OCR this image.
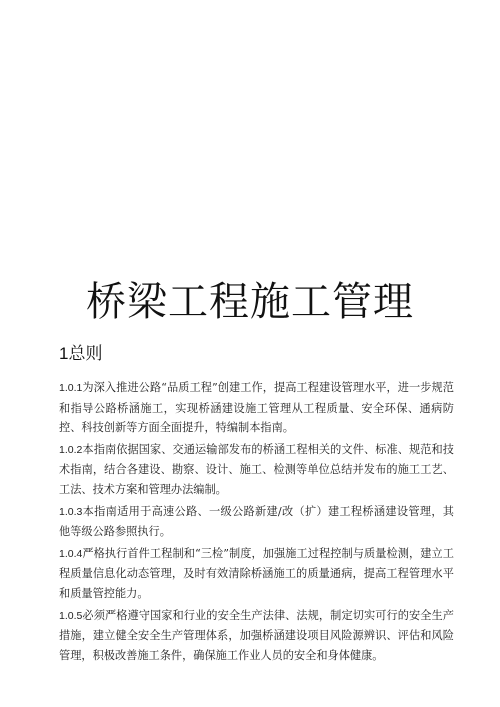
桥梁工程施工管理
1总则

1.0.1为深入推进公路“品质工程”创建工作，提高工程建设管理水平，进一步规范和指导公路桥涵施工，实现桥涵建设施工管理从工程质量、安全环保、通病防控、科技创新等方面全面提升，特编制本指南。

1.0.2本指南依据国家、交通运输部发布的桥涵工程相关的文件、标准、规范和技术指南，结合各建设、勘察、设计、施工、检测等单位总结并发布的施工工艺、工法、技术方案和管理办法编制。

1.0.3本指南适用于高速公路、一级公路新建/改（扩）建工程桥涵建设管理，其他等级公路参照执行。

1.0.4严格执行首件工程制和“三检”制度，加强施工过程控制与质量检测，建立工程质量信息化动态管理，及时有效清除桥涵施工的质量通病，提高工程管理水平和质量管控能力。

1.0.5必须严格遵守国家和行业的安全生产法律、法规，制定切实可行的安全生产措施，建立健全安全生产管理体系，加强桥涵建设项目风险源辨识、评估和风险管理，积极改善施工条件，确保施工作业人员的安全和身体健康。
